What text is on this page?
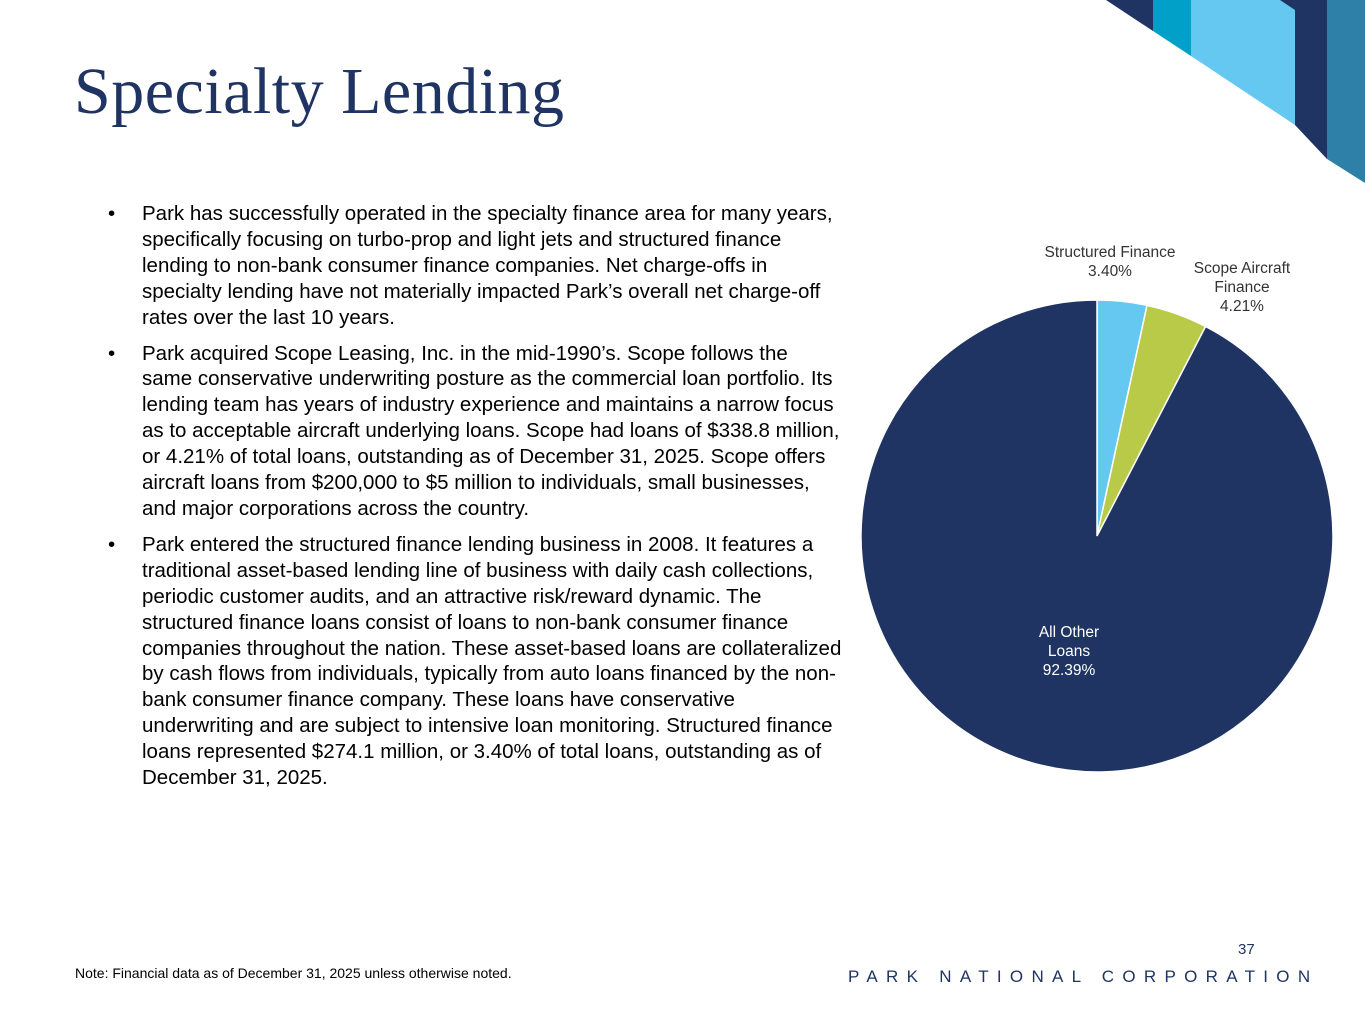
Specialty Lending
• Park has successfully operated in the specialty finance area for many years, specifically focusing on turbo-prop and light jets and structured finance lending to non-bank consumer finance companies. Net charge-offs in specialty lending have not materially impacted Park’s overall net charge-off rates over the last 10 years.
• Park acquired Scope Leasing, Inc. in the mid-1990’s. Scope follows the same conservative underwriting posture as the commercial loan portfolio. Its lending team has years of industry experience and maintains a narrow focus as to acceptable aircraft underlying loans. Scope had loans of $338.8 million, or 4.21% of total loans, outstanding as of December 31, 2025. Scope offers aircraft loans from $200,000 to $5 million to individuals, small businesses, and major corporations across the country.
• Park entered the structured finance lending business in 2008. It features a traditional asset-based lending line of business with daily cash collections, periodic customer audits, and an attractive risk/reward dynamic. The structured finance loans consist of loans to non-bank consumer finance companies throughout the nation. These asset-based loans are collateralized by cash flows from individuals, typically from auto loans financed by the non-bank consumer finance company. These loans have conservative underwriting and are subject to intensive loan monitoring. Structured finance loans represented $274.1 million, or 3.40% of total loans, outstanding as of December 31, 2025.
Structured Finance
3.40%	Scope Aircraft
Finance
4.21%
All Other
Loans
92.39%
Note: Financial data as of December 31, 2025 unless otherwise noted.
37
PARK NATIONAL CORPORATION
